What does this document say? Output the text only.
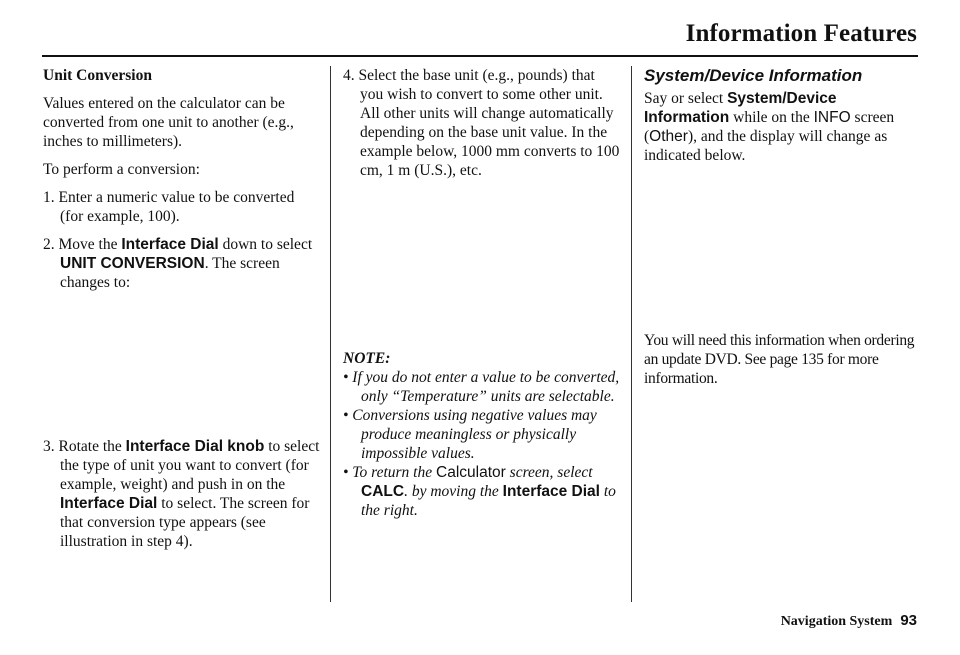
Information Features

Unit Conversion

Values entered on the calculator can be converted from one unit to another (e.g., inches to millimeters).

To perform a conversion:

1. Enter a numeric value to be converted (for example, 100).

2. Move the Interface Dial down to select UNIT CONVERSION. The screen changes to:

3. Rotate the Interface Dial knob to select the type of unit you want to convert (for example, weight) and push in on the Interface Dial to select. The screen for that conversion type appears (see illustration in step 4).

4. Select the base unit (e.g., pounds) that you wish to convert to some other unit. All other units will change automatically depending on the base unit value. In the example below, 1000 mm converts to 100 cm, 1 m (U.S.), etc.

NOTE:
• If you do not enter a value to be converted, only “Temperature” units are selectable.
• Conversions using negative values may produce meaningless or physically impossible values.
• To return the Calculator screen, select CALC. by moving the Interface Dial to the right.

System/Device Information

Say or select System/Device Information while on the INFO screen (Other), and the display will change as indicated below.

You will need this information when ordering an update DVD. See page 135 for more information.

Navigation System 93
